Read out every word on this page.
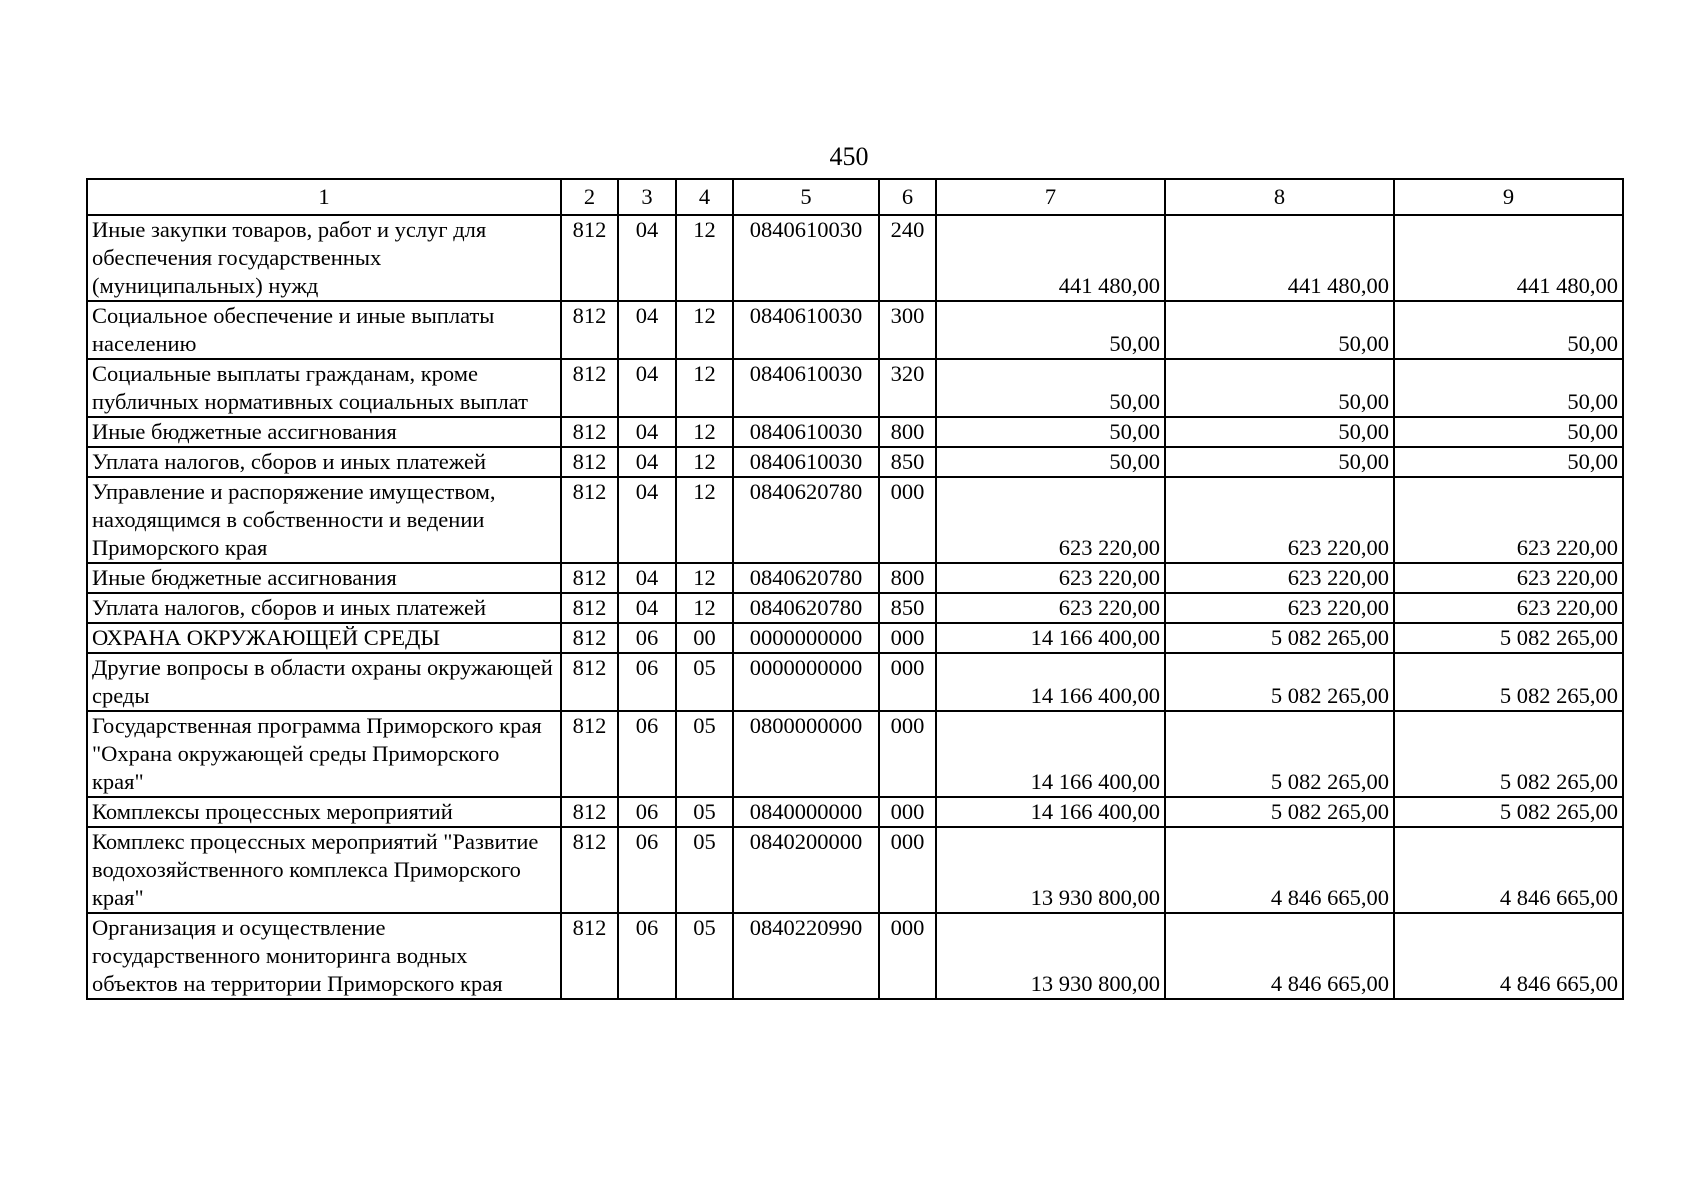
450
1	2	3	4	5	6	7	8	9
Иные закупки товаров, работ и услуг для обеспечения государственных (муниципальных) нужд	812	04	12	0840610030	240	441 480,00	441 480,00	441 480,00
Социальное обеспечение и иные выплаты населению	812	04	12	0840610030	300	50,00	50,00	50,00
Социальные выплаты гражданам, кроме публичных нормативных социальных выплат	812	04	12	0840610030	320	50,00	50,00	50,00
Иные бюджетные ассигнования	812	04	12	0840610030	800	50,00	50,00	50,00
Уплата налогов, сборов и иных платежей	812	04	12	0840610030	850	50,00	50,00	50,00
Управление и распоряжение имуществом, находящимся в собственности и ведении Приморского края	812	04	12	0840620780	000	623 220,00	623 220,00	623 220,00
Иные бюджетные ассигнования	812	04	12	0840620780	800	623 220,00	623 220,00	623 220,00
Уплата налогов, сборов и иных платежей	812	04	12	0840620780	850	623 220,00	623 220,00	623 220,00
ОХРАНА ОКРУЖАЮЩЕЙ СРЕДЫ	812	06	00	0000000000	000	14 166 400,00	5 082 265,00	5 082 265,00
Другие вопросы в области охраны окружающей среды	812	06	05	0000000000	000	14 166 400,00	5 082 265,00	5 082 265,00
Государственная программа Приморского края "Охрана окружающей среды Приморского края"	812	06	05	0800000000	000	14 166 400,00	5 082 265,00	5 082 265,00
Комплексы процессных мероприятий	812	06	05	0840000000	000	14 166 400,00	5 082 265,00	5 082 265,00
Комплекс процессных мероприятий "Развитие водохозяйственного комплекса Приморского края"	812	06	05	0840200000	000	13 930 800,00	4 846 665,00	4 846 665,00
Организация и осуществление государственного мониторинга водных объектов на территории Приморского края	812	06	05	0840220990	000	13 930 800,00	4 846 665,00	4 846 665,00
